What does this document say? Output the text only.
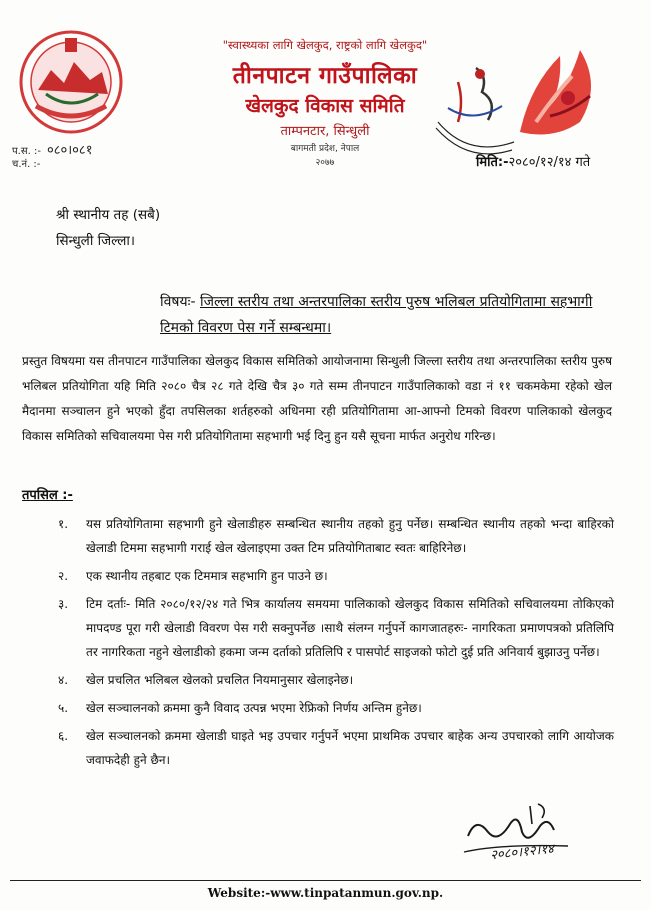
"स्वास्थ्यका लागि खेलकुद, राष्ट्रको लागि खेलकुद"
तीनपाटन गाउँपालिका
खेलकुद विकास समिति
ताम्पनटार, सिन्धुली
बागमती प्रदेश, नेपाल
२०७७
प.स. :- ०८०।०८१
च.नं. :-	मिति:-२०८०/१२/१४ गते
श्री स्थानीय तह (सबै)
सिन्धुली जिल्ला।
विषयः- जिल्ला स्तरीय तथा अन्तरपालिका स्तरीय पुरुष भलिबल प्रतियोगितामा सहभागी टिमको विवरण पेस गर्ने सम्बन्धमा।
प्रस्तुत विषयमा यस तीनपाटन गाउँपालिका खेलकुद विकास समितिको आयोजनामा सिन्धुली जिल्ला स्तरीय तथा अन्तरपालिका स्तरीय पुरुष भलिबल प्रतियोगिता यहि मिति २०८० चैत्र २८ गते देखि चैत्र ३० गते सम्म तीनपाटन गाउँपालिकाको वडा नं ११ चकमकेमा रहेको खेल मैदानमा सञ्चालन हुने भएको हुँदा तपसिलका शर्तहरुको अधिनमा रही प्रतियोगितामा आ-आफ्नो टिमको विवरण पालिकाको खेलकुद विकास समितिको सचिवालयमा पेस गरी प्रतियोगितामा सहभागी भई दिनु हुन यसै सूचना मार्फत अनुरोध गरिन्छ।
तपसिल :-
१.	यस प्रतियोगितामा सहभागी हुने खेलाडीहरु सम्बन्धित स्थानीय तहको हुनु पर्नेछ। सम्बन्धित स्थानीय तहको भन्दा बाहिरको खेलाडी टिममा सहभागी गराई खेल खेलाइएमा उक्त टिम प्रतियोगिताबाट स्वतः बाहिरिनेछ।
२.	एक स्थानीय तहबाट एक टिममात्र सहभागि हुन पाउने छ।
३.	टिम दर्ताः- मिति २०८०/१२/२४ गते भित्र कार्यालय समयमा पालिकाको खेलकुद विकास समितिको सचिवालयमा तोकिएको मापदण्ड पूरा गरी खेलाडी विवरण पेस गरी सक्नुपर्नेछ ।साथै संलग्न गर्नुपर्ने कागजातहरुः- नागरिकता प्रमाणपत्रको प्रतिलिपि तर नागरिकता नहुने खेलाडीको हकमा जन्म दर्ताको प्रतिलिपि र पासपोर्ट साइजको फोटो दुई प्रति अनिवार्य बुझाउनु पर्नेछ।
४.	खेल प्रचलित भलिबल खेलको प्रचलित नियमानुसार खेलाइनेछ।
५.	खेल सञ्चालनको क्रममा कुनै विवाद उत्पन्न भएमा रेफ्रिको निर्णय अन्तिम हुनेछ।
६.	खेल सञ्चालनको क्रममा खेलाडी घाइते भइ उपचार गर्नुपर्ने भएमा प्राथमिक उपचार बाहेक अन्य उपचारको लागि आयोजक जवाफदेही हुने छैन।
२०८०।१२।१४
Website:-www.tinpatanmun.gov.np.
